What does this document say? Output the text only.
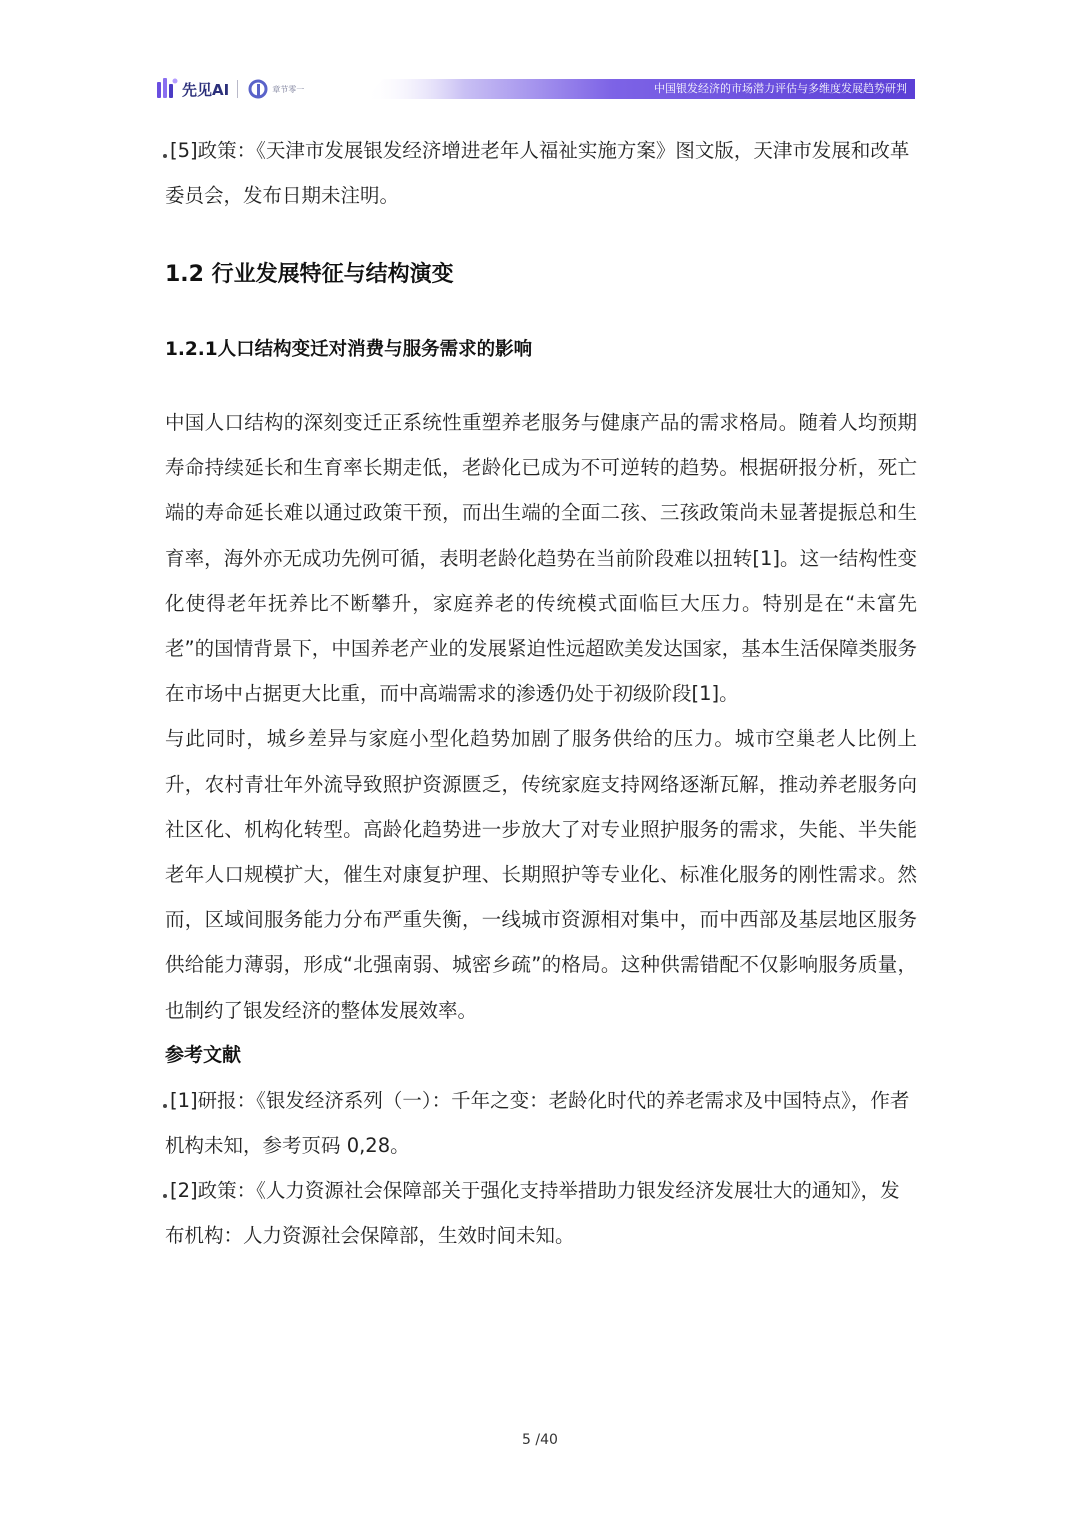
先见AI	章节零一	中国银发经济的市场潜力评估与多维度发展趋势研判

[5]政策：《天津市发展银发经济增进老年人福祉实施方案》图文版，天津市发展和改革委员会，发布日期未注明。

1.2 行业发展特征与结构演变
1.2.1人口结构变迁对消费与服务需求的影响

中国人口结构的深刻变迁正系统性重塑养老服务与健康产品的需求格局。随着人均预期寿命持续延长和生育率长期走低，老龄化已成为不可逆转的趋势。根据研报分析，死亡端的寿命延长难以通过政策干预，而出生端的全面二孩、三孩政策尚未显著提振总和生育率，海外亦无成功先例可循，表明老龄化趋势在当前阶段难以扭转[1]。这一结构性变化使得老年抚养比不断攀升，家庭养老的传统模式面临巨大压力。特别是在“未富先老”的国情背景下，中国养老产业的发展紧迫性远超欧美发达国家，基本生活保障类服务在市场中占据更大比重，而中高端需求的渗透仍处于初级阶段[1]。

与此同时，城乡差异与家庭小型化趋势加剧了服务供给的压力。城市空巢老人比例上升，农村青壮年外流导致照护资源匮乏，传统家庭支持网络逐渐瓦解，推动养老服务向社区化、机构化转型。高龄化趋势进一步放大了对专业照护服务的需求，失能、半失能老年人口规模扩大，催生对康复护理、长期照护等专业化、标准化服务的刚性需求。然而，区域间服务能力分布严重失衡，一线城市资源相对集中，而中西部及基层地区服务供给能力薄弱，形成“北强南弱、城密乡疏”的格局。这种供需错配不仅影响服务质量，也制约了银发经济的整体发展效率。

参考文献

[1]研报：《银发经济系列（一）：千年之变：老龄化时代的养老需求及中国特点》，作者机构未知，参考页码 0,28。

[2]政策：《人力资源社会保障部关于强化支持举措助力银发经济发展壮大的通知》，发布机构：人力资源社会保障部，生效时间未知。

5 /40
